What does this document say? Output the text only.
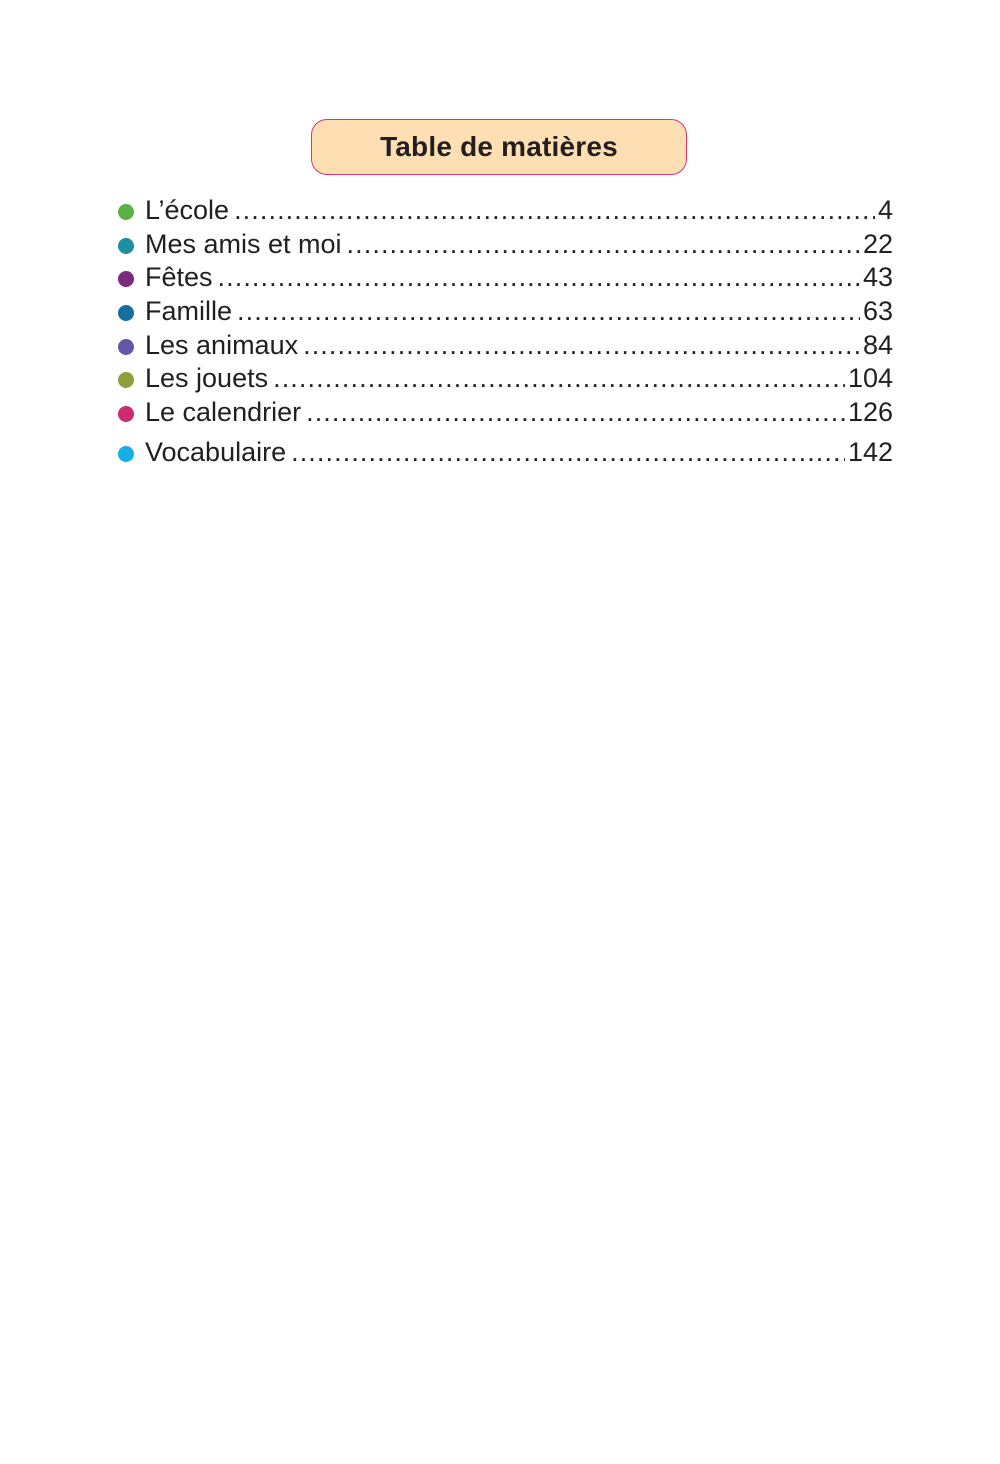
Table de matières
L’école .....	4
Mes amis et moi .....	22
Fêtes .....	43
Famille .....	63
Les animaux .....	84
Les jouets .....	104
Le calendrier .....	126
Vocabulaire .....	142
